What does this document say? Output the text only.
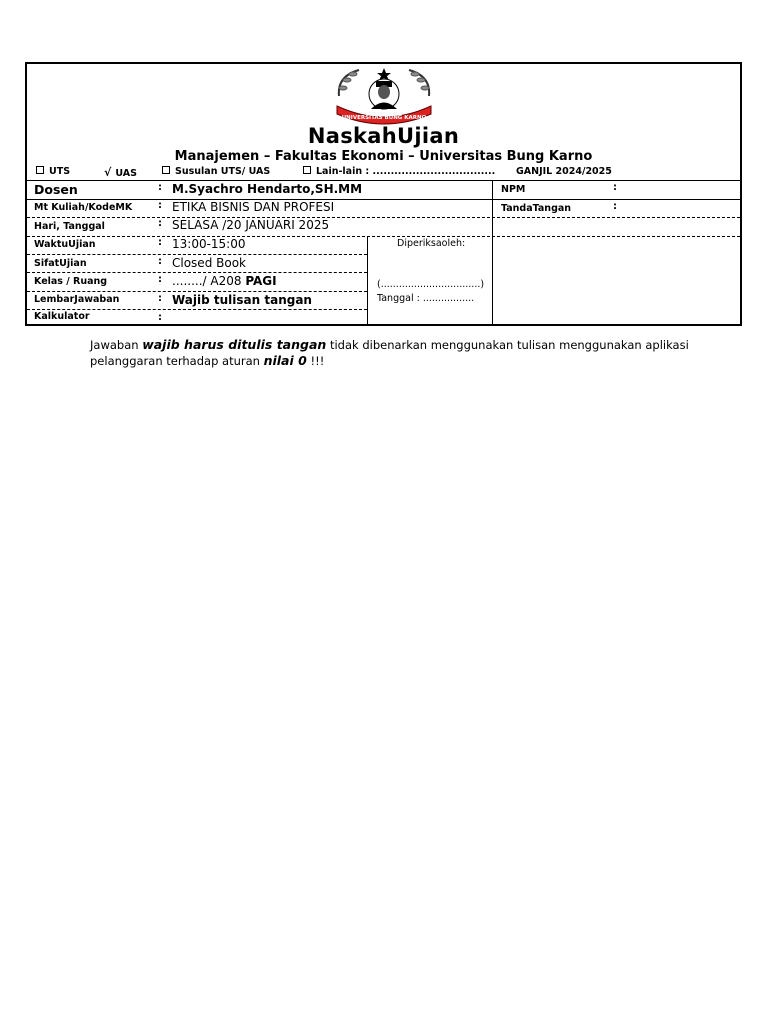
UNIVERSITAS BUNG KARNO
NaskahUjian
Manajemen – Fakultas Ekonomi – Universitas Bung Karno
UTS	√ UAS	Susulan UTS/ UAS	Lain-lain : .................................. GANJIL 2024/2025
Dosen	: M.Syachro Hendarto,SH.MM
Mt Kuliah/KodeMK	: ETIKA BISNIS DAN PROFESI
Hari, Tanggal	: SELASA /20 JANUARI 2025
WaktuUjian	: 13:00-15:00
SifatUjian	: Closed Book
Kelas / Ruang	: ......../ A208 PAGI
LembarJawaban	: Wajib tulisan tangan
Kalkulator	:
Diperiksaoleh:
(.................................)
Tanggal : .................
NPM	:
TandaTangan	:
Jawaban wajib harus ditulis tangan tidak dibenarkan menggunakan tulisan menggunakan aplikasi pelanggaran terhadap aturan nilai 0 !!!
